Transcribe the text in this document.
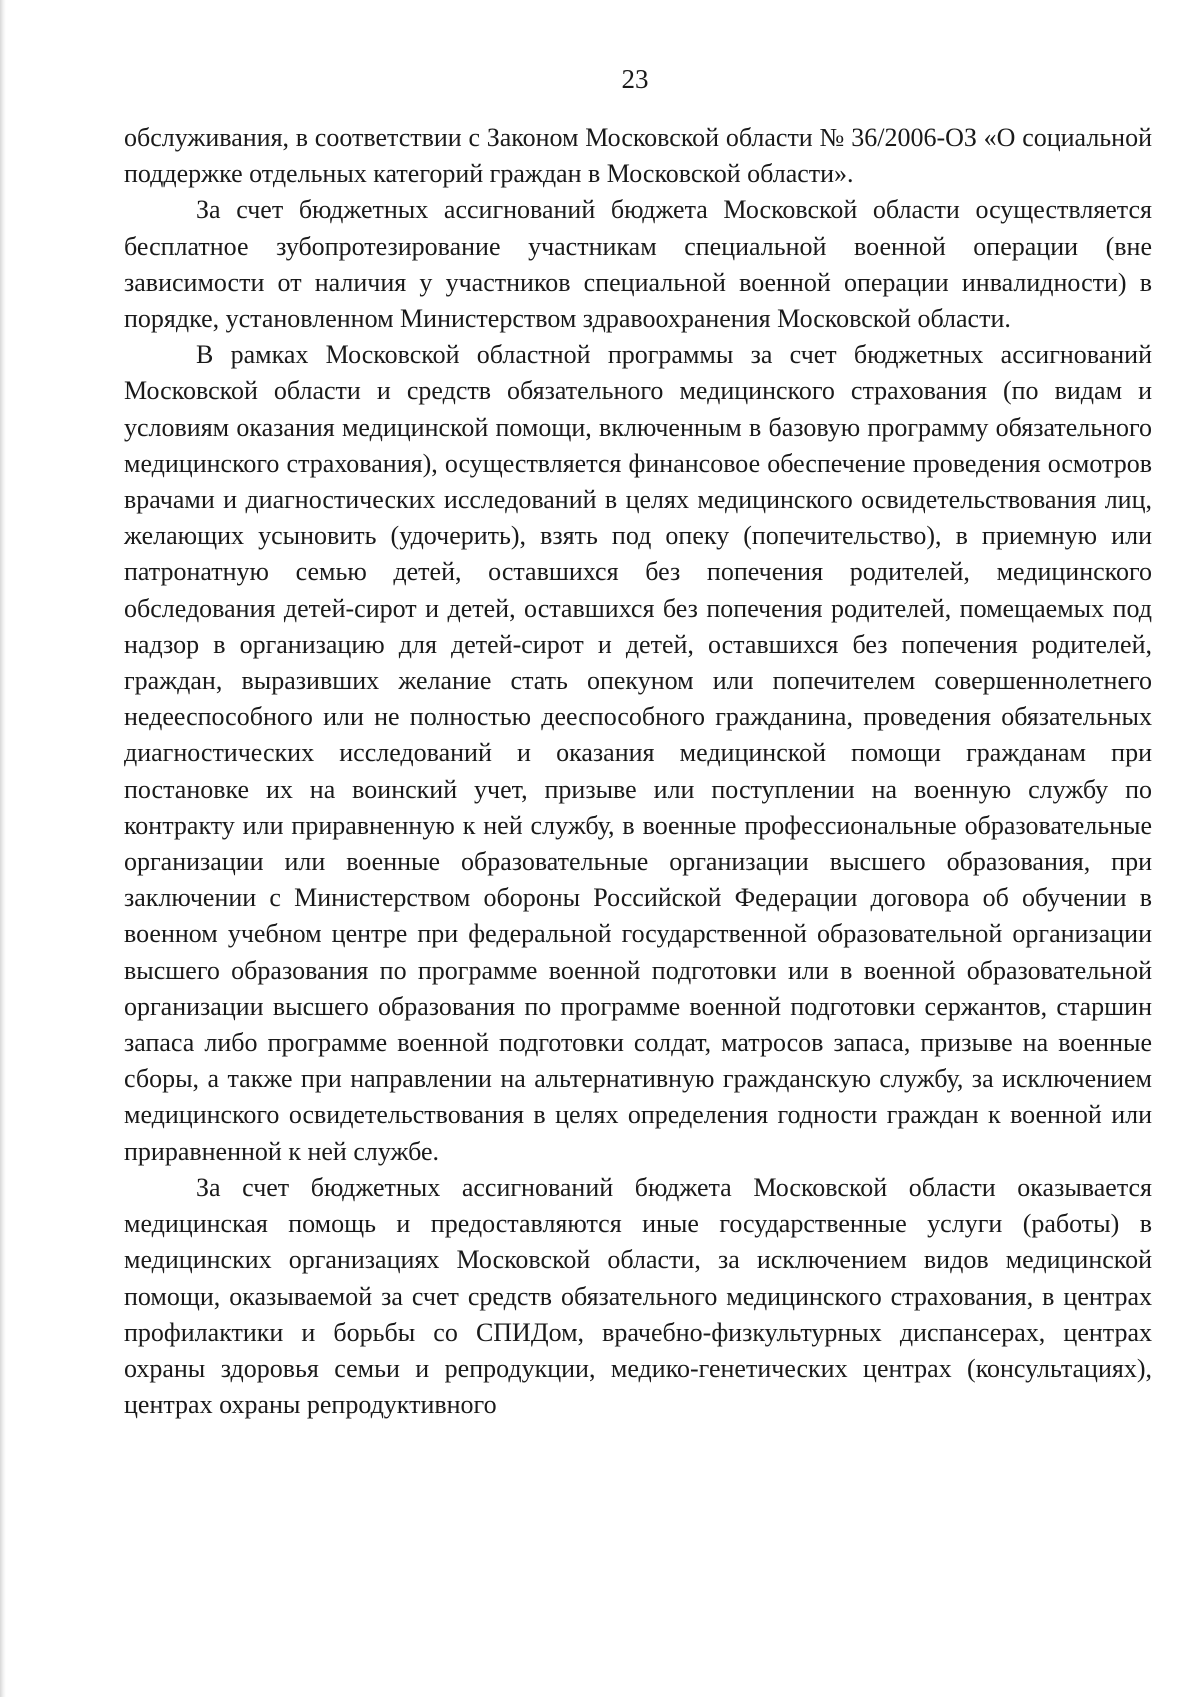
23

обслуживания, в соответствии с Законом Московской области № 36/2006-ОЗ «О социальной поддержке отдельных категорий граждан в Московской области».

За счет бюджетных ассигнований бюджета Московской области осуществляется бесплатное зубопротезирование участникам специальной военной операции (вне зависимости от наличия у участников специальной военной операции инвалидности) в порядке, установленном Министерством здравоохранения Московской области.

В рамках Московской областной программы за счет бюджетных ассигнований Московской области и средств обязательного медицинского страхования (по видам и условиям оказания медицинской помощи, включенным в базовую программу обязательного медицинского страхования), осуществляется финансовое обеспечение проведения осмотров врачами и диагностических исследований в целях медицинского освидетельствования лиц, желающих усыновить (удочерить), взять под опеку (попечительство), в приемную или патронатную семью детей, оставшихся без попечения родителей, медицинского обследования детей-сирот и детей, оставшихся без попечения родителей, помещаемых под надзор в организацию для детей-сирот и детей, оставшихся без попечения родителей, граждан, выразивших желание стать опекуном или попечителем совершеннолетнего недееспособного или не полностью дееспособного гражданина, проведения обязательных диагностических исследований и оказания медицинской помощи гражданам при постановке их на воинский учет, призыве или поступлении на военную службу по контракту или приравненную к ней службу, в военные профессиональные образовательные организации или военные образовательные организации высшего образования, при заключении с Министерством обороны Российской Федерации договора об обучении в военном учебном центре при федеральной государственной образовательной организации высшего образования по программе военной подготовки или в военной образовательной организации высшего образования по программе военной подготовки сержантов, старшин запаса либо программе военной подготовки солдат, матросов запаса, призыве на военные сборы, а также при направлении на альтернативную гражданскую службу, за исключением медицинского освидетельствования в целях определения годности граждан к военной или приравненной к ней службе.

За счет бюджетных ассигнований бюджета Московской области оказывается медицинская помощь и предоставляются иные государственные услуги (работы) в медицинских организациях Московской области, за исключением видов медицинской помощи, оказываемой за счет средств обязательного медицинского страхования, в центрах профилактики и борьбы со СПИДом, врачебно-физкультурных диспансерах, центрах охраны здоровья семьи и репродукции, медико-генетических центрах (консультациях), центрах охраны репродуктивного
